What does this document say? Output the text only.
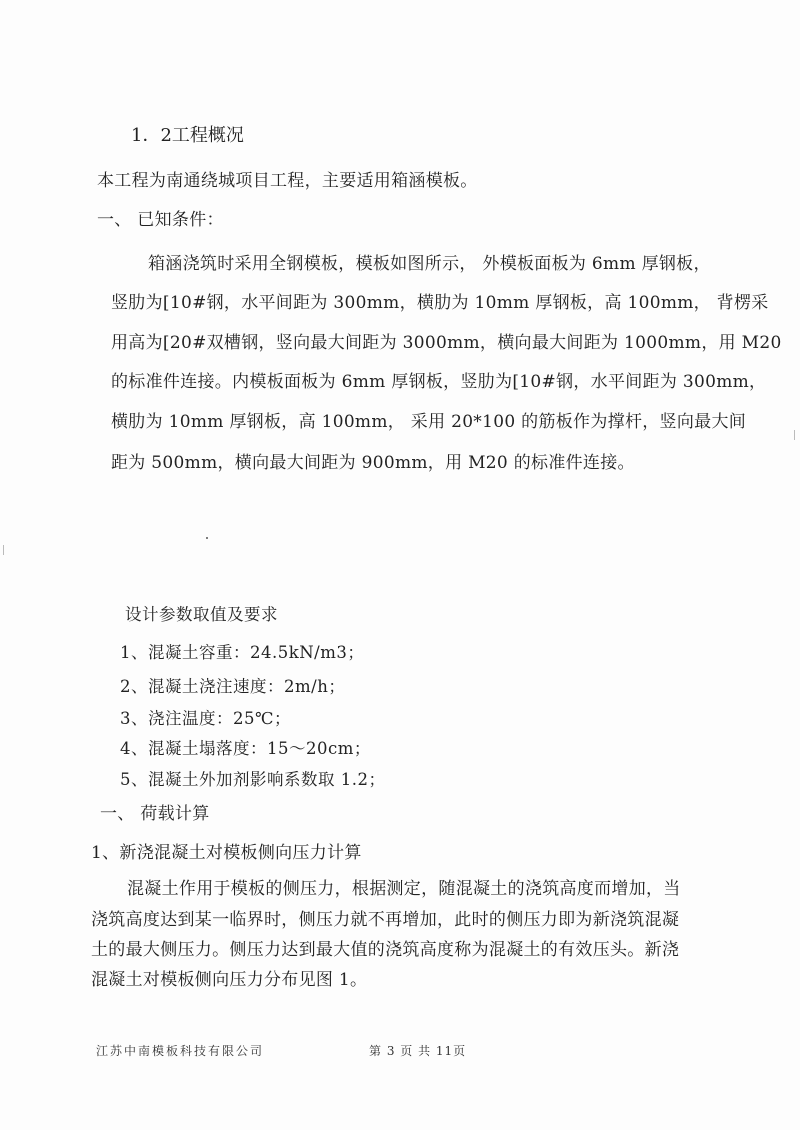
1．2工程概况
本工程为南通绕城项目工程，主要适用箱涵模板。
一、 已知条件：
箱涵浇筑时采用全钢模板，模板如图所示， 外模板面板为 6mm 厚钢板，
竖肋为[10#钢，水平间距为 300mm，横肋为 10mm 厚钢板，高 100mm， 背楞采
用高为[20#双槽钢，竖向最大间距为 3000mm，横向最大间距为 1000mm，用 M20
的标准件连接。内模板面板为 6mm 厚钢板，竖肋为[10#钢，水平间距为 300mm，
横肋为 10mm 厚钢板，高 100mm， 采用 20*100 的筋板作为撑杆，竖向最大间
距为 500mm，横向最大间距为 900mm，用 M20 的标准件连接。
设计参数取值及要求
1、混凝土容重：24.5kN/m3；
2、混凝土浇注速度：2m/h；
3、浇注温度：25℃；
4、混凝土塌落度：15～20cm；
5、混凝土外加剂影响系数取 1.2；
一、 荷载计算
1、新浇混凝土对模板侧向压力计算
混凝土作用于模板的侧压力，根据测定，随混凝土的浇筑高度而增加，当
浇筑高度达到某一临界时，侧压力就不再增加，此时的侧压力即为新浇筑混凝
土的最大侧压力。侧压力达到最大值的浇筑高度称为混凝土的有效压头。新浇
混凝土对模板侧向压力分布见图 1。
江苏中南模板科技有限公司	第 3 页 共 11页
